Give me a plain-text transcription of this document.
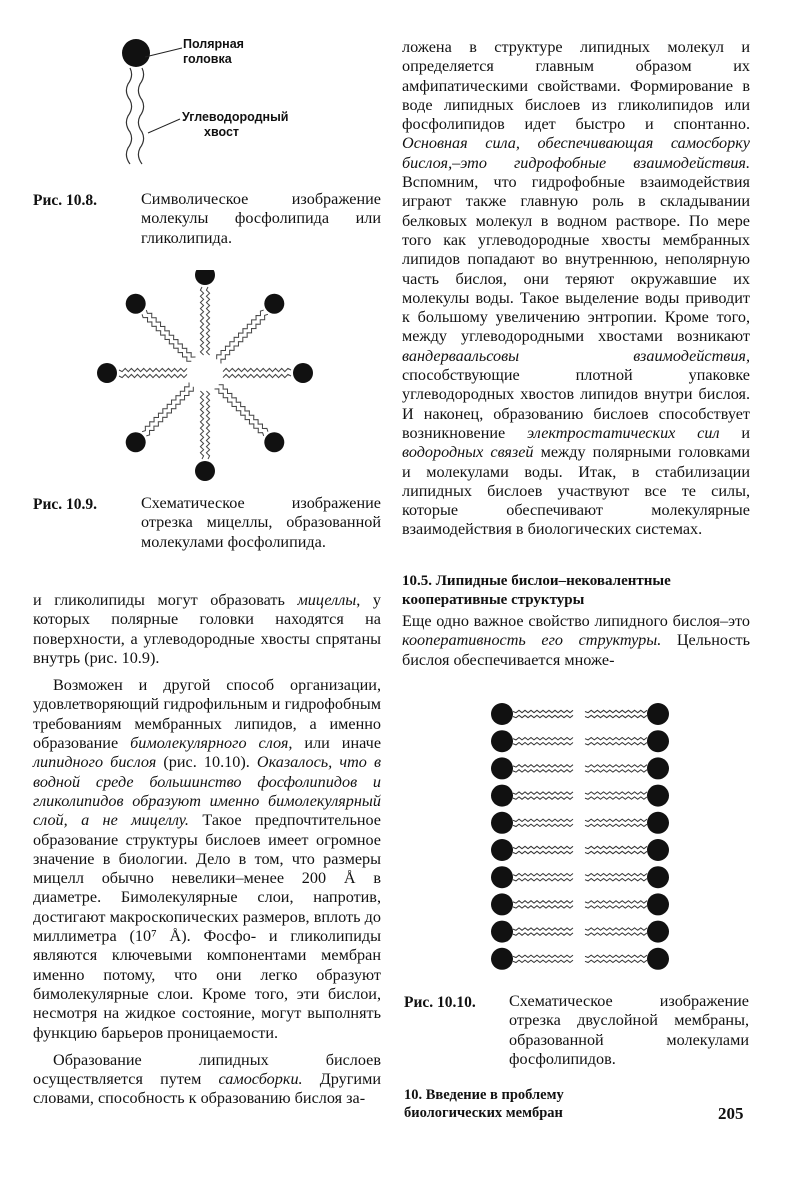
Полярная
головка
Углеводородный
хвост
Рис. 10.8.	Символическое изображение молекулы фосфолипида или гликолипида.
Рис. 10.9.	Схематическое изображение отрезка мицеллы, образованной молекулами фосфолипида.

и гликолипиды могут образовать мицеллы, у которых полярные головки находятся на поверхности, а углеводородные хвосты спрятаны внутрь (рис. 10.9).

Возможен и другой способ организации, удовлетворяющий гидрофильным и гидрофобным требованиям мембранных липидов, а именно образование бимолекулярного слоя, или иначе липидного бислоя (рис. 10.10). Оказалось, что в водной среде большинство фосфолипидов и гликолипидов образуют именно бимолекулярный слой, а не мицеллу. Такое предпочтительное образование структуры бислоев имеет огромное значение в биологии. Дело в том, что размеры мицелл обычно невелики–менее 200 Å в диаметре. Бимолекулярные слои, напротив, достигают макроскопических размеров, вплоть до миллиметра (10⁷ Å). Фосфо- и гликолипиды являются ключевыми компонентами мембран именно потому, что они легко образуют бимолекулярные слои. Кроме того, эти бислои, несмотря на жидкое состояние, могут выполнять функцию барьеров проницаемости.

Образование липидных бислоев осуществляется путем самосборки. Другими словами, способность к образованию бислоя за-

ложена в структуре липидных молекул и определяется главным образом их амфипатическими свойствами. Формирование в воде липидных бислоев из гликолипидов или фосфолипидов идет быстро и спонтанно. Основная сила, обеспечивающая самосборку бислоя,–это гидрофобные взаимодействия. Вспомним, что гидрофобные взаимодействия играют также главную роль в складывании белковых молекул в водном растворе. По мере того как углеводородные хвосты мембранных липидов попадают во внутреннюю, неполярную часть бислоя, они теряют окружавшие их молекулы воды. Такое выделение воды приводит к большому увеличению энтропии. Кроме того, между углеводородными хвостами возникают вандерваальсовы взаимодействия, способствующие плотной упаковке углеводородных хвостов липидов внутри бислоя. И наконец, образованию бислоев способствует возникновение электростатических сил и водородных связей между полярными головками и молекулами воды. Итак, в стабилизации липидных бислоев участвуют все те силы, которые обеспечивают молекулярные взаимодействия в биологических системах.

10.5. Липидные бислои–нековалентные кооперативные структуры

Еще одно важное свойство липидного бислоя–это кооперативность его структуры. Цельность бислоя обеспечивается множе-

Рис. 10.10. Схематическое изображение отрезка двуслойной мембраны, образованной молекулами фосфолипидов.
10. Введение в проблему
биологических мембран	205
